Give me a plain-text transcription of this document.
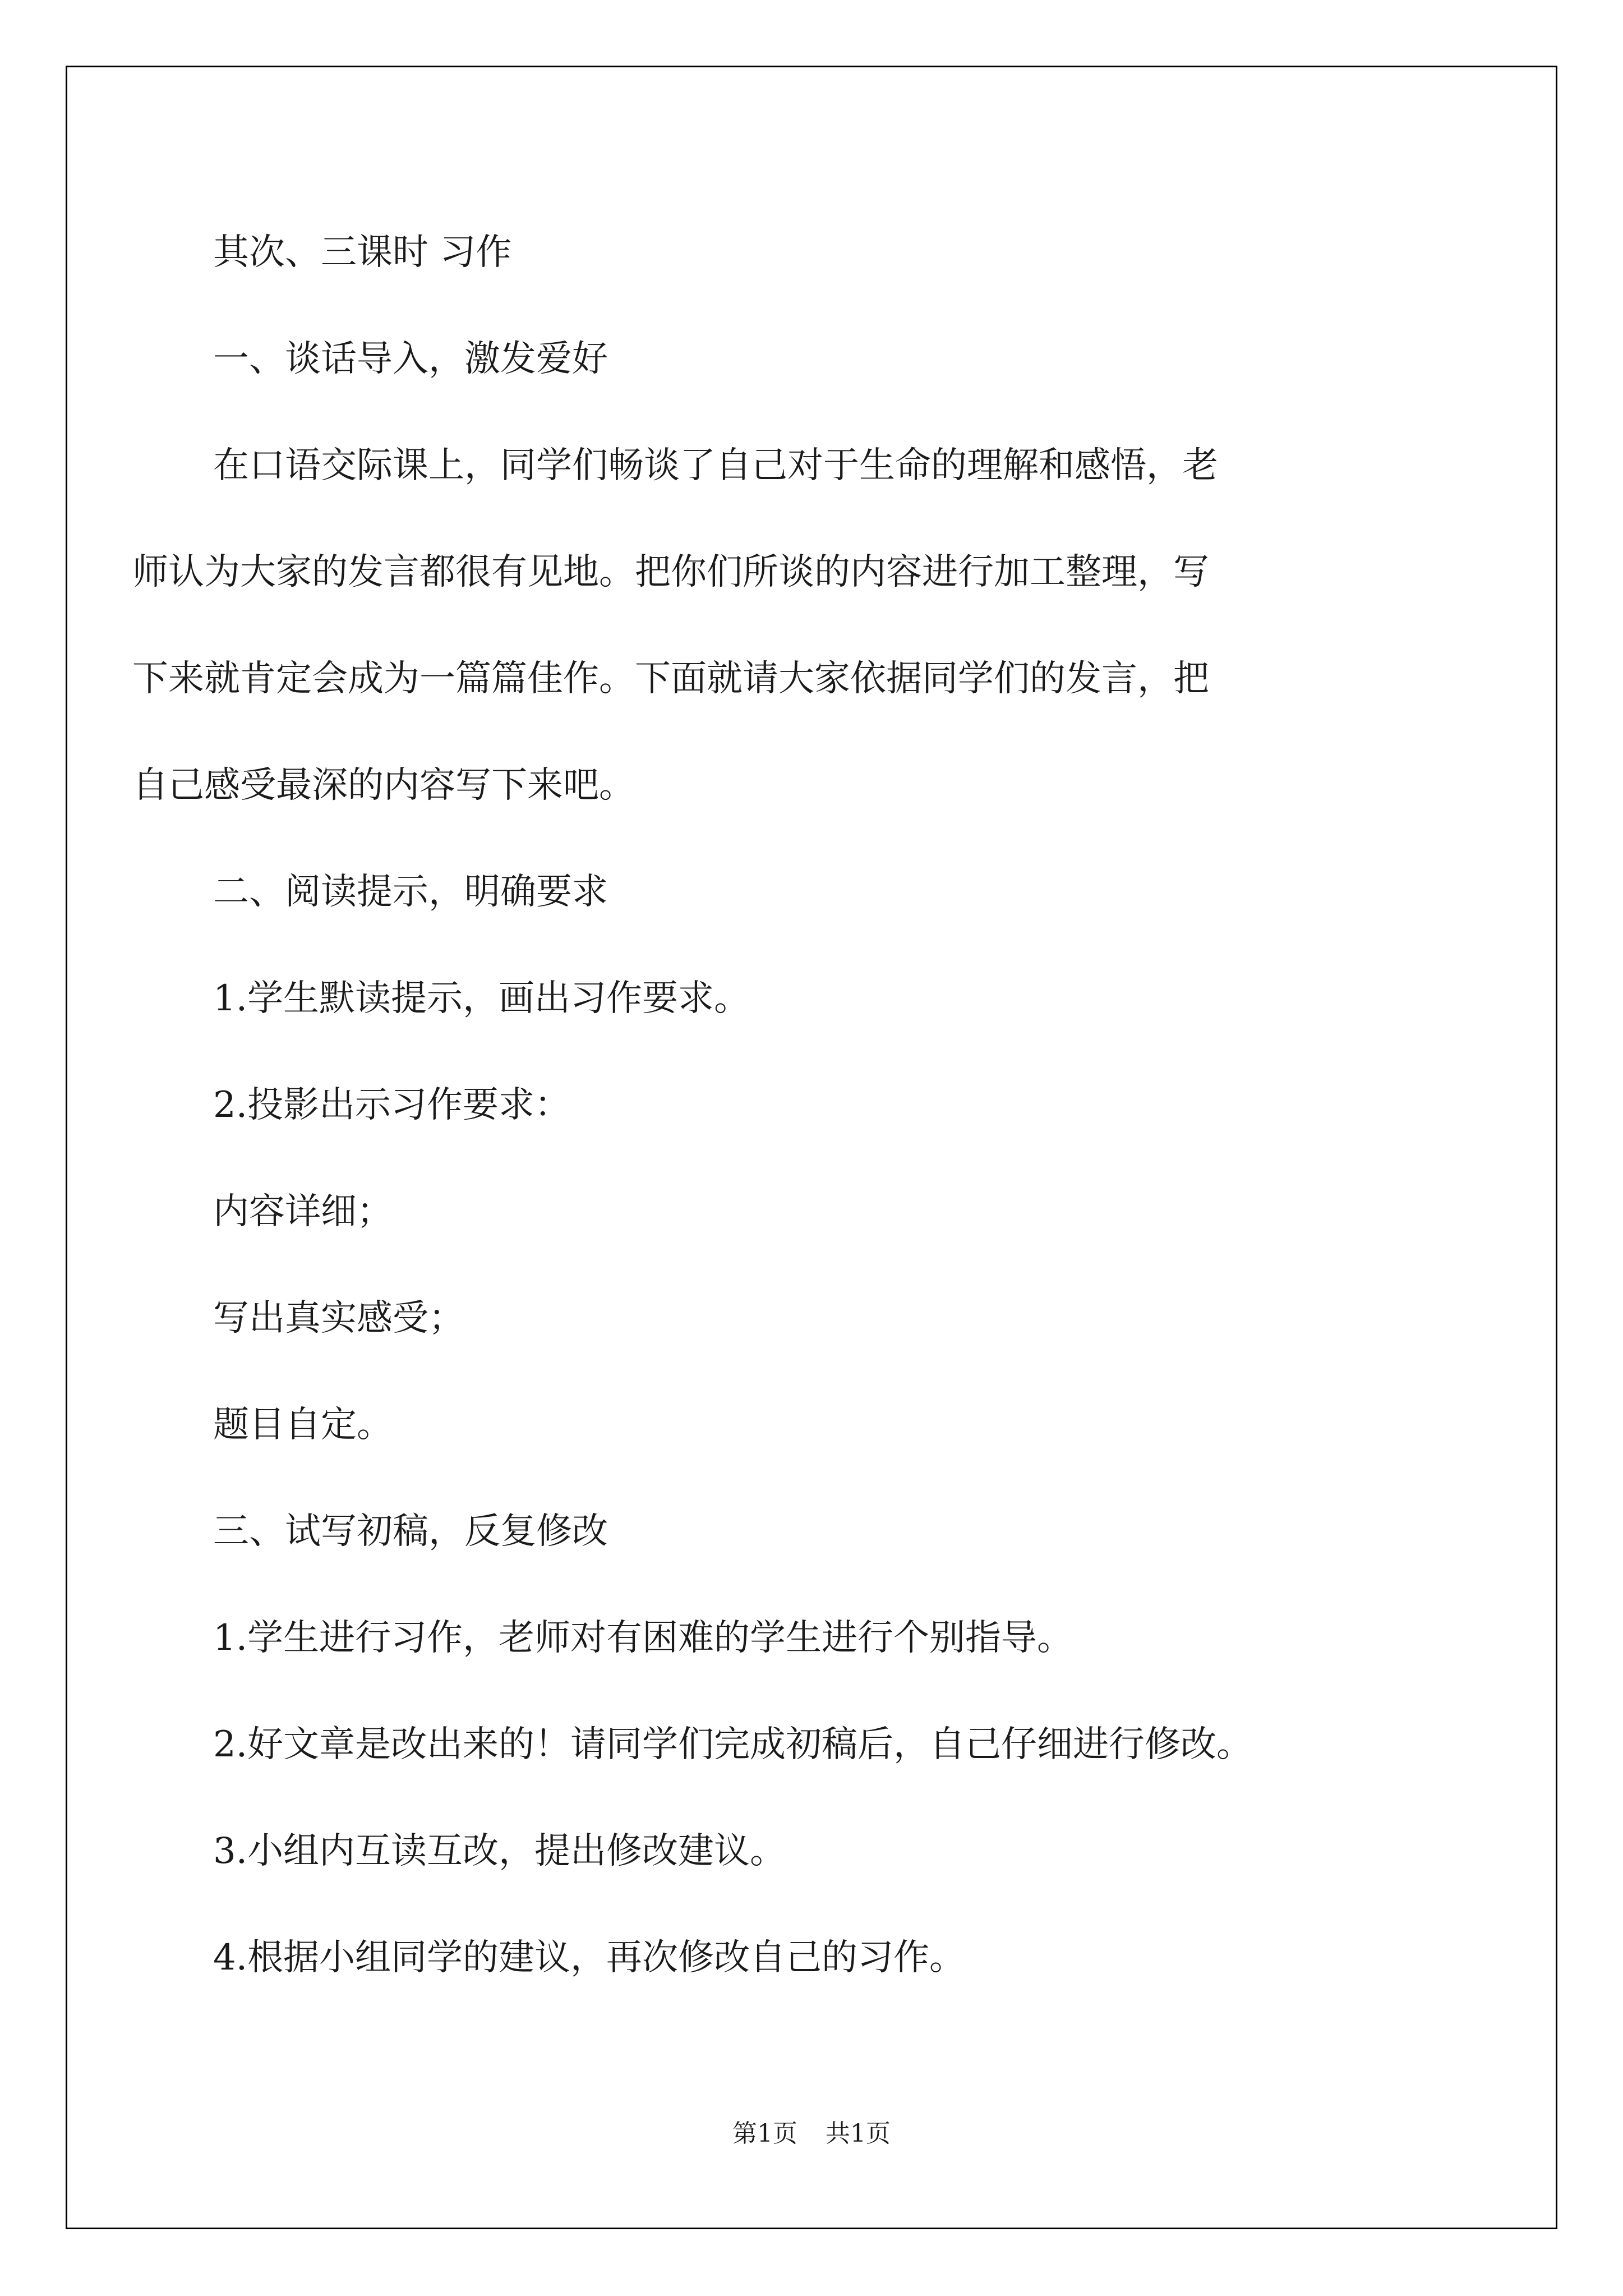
其次、三课时 习作

一、谈话导入，激发爱好

在口语交际课上，同学们畅谈了自己对于生命的理解和感悟，老

师认为大家的发言都很有见地。把你们所谈的内容进行加工整理，写

下来就肯定会成为一篇篇佳作。下面就请大家依据同学们的发言，把

自己感受最深的内容写下来吧。

二、阅读提示，明确要求

1.学生默读提示，画出习作要求。

2.投影出示习作要求：

内容详细；

写出真实感受；

题目自定。

三、试写初稿，反复修改

1.学生进行习作，老师对有困难的学生进行个别指导。

2.好文章是改出来的！请同学们完成初稿后，自己仔细进行修改。

3.小组内互读互改，提出修改建议。

4.根据小组同学的建议，再次修改自己的习作。

第1页 共1页
